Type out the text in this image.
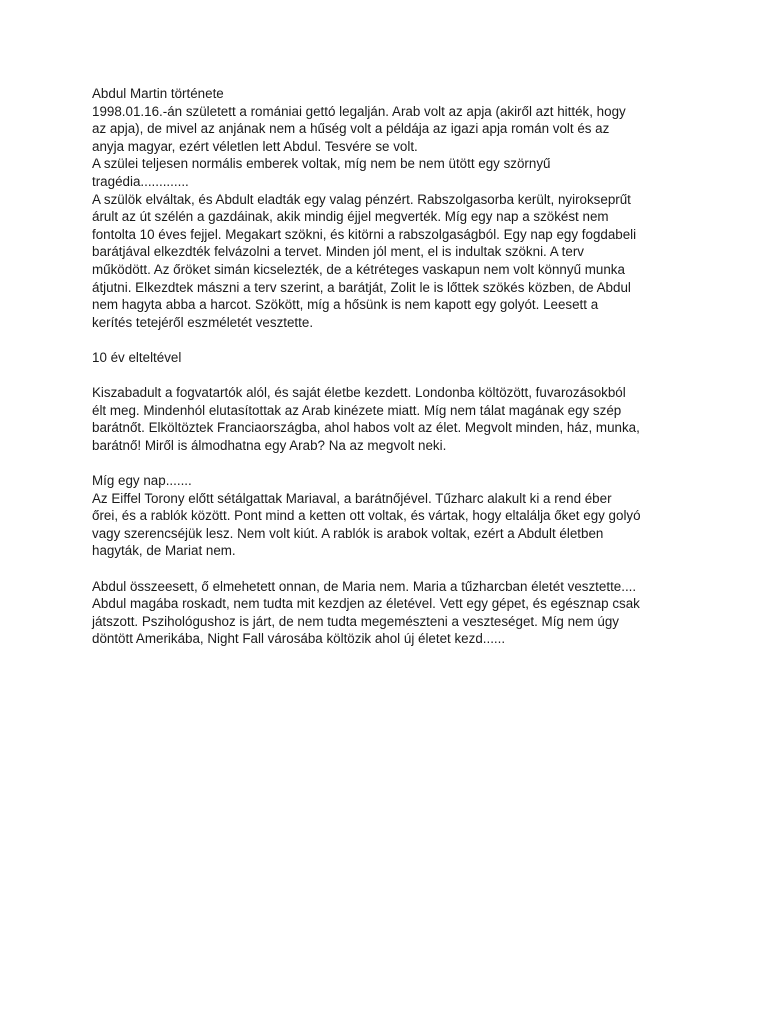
Abdul Martin története
1998.01.16.-án született a romániai gettó legalján. Arab volt az apja (akiről azt hitték, hogy
az apja), de mivel az anjának nem a hűség volt a példája az igazi apja román volt és az
anyja magyar, ezért véletlen lett Abdul. Tesvére se volt.
A szülei teljesen normális emberek voltak, míg nem be nem ütött egy szörnyű
tragédia.............
A szülök elváltak, és Abdult eladták egy valag pénzért. Rabszolgasorba került, nyirokseprűt
árult az út szélén a gazdáinak, akik mindig éjjel megverték. Míg egy nap a szökést nem
fontolta 10 éves fejjel. Megakart szökni, és kitörni a rabszolgaságból. Egy nap egy fogdabeli
barátjával elkezdték felvázolni a tervet. Minden jól ment, el is indultak szökni. A terv
működött. Az őröket simán kicselezték, de a kétréteges vaskapun nem volt könnyű munka
átjutni. Elkezdtek mászni a terv szerint, a barátját, Zolit le is lőttek szökés közben, de Abdul
nem hagyta abba a harcot. Szökött, míg a hősünk is nem kapott egy golyót. Leesett a
kerítés tetejéről eszméletét vesztette.
10 év elteltével
Kiszabadult a fogvatartók alól, és saját életbe kezdett. Londonba költözött, fuvarozásokból
élt meg. Mindenhól elutasítottak az Arab kinézete miatt. Míg nem tálat magának egy szép
barátnőt. Elköltöztek Franciaországba, ahol habos volt az élet. Megvolt minden, ház, munka,
barátnő! Miről is álmodhatna egy Arab? Na az megvolt neki.
Míg egy nap.......
Az Eiffel Torony előtt sétálgattak Mariaval, a barátnőjével. Tűzharc alakult ki a rend éber
őrei, és a rablók között. Pont mind a ketten ott voltak, és vártak, hogy eltalálja őket egy golyó
vagy szerencséjük lesz. Nem volt kiút. A rablók is arabok voltak, ezért a Abdult életben
hagyták, de Mariat nem.
Abdul összeesett, ő elmehetett onnan, de Maria nem. Maria a tűzharcban életét vesztette....
Abdul magába roskadt, nem tudta mit kezdjen az életével. Vett egy gépet, és egésznap csak
játszott. Pszihológushoz is járt, de nem tudta megemészteni a veszteséget. Míg nem úgy
döntött Amerikába, Night Fall városába költözik ahol új életet kezd......
